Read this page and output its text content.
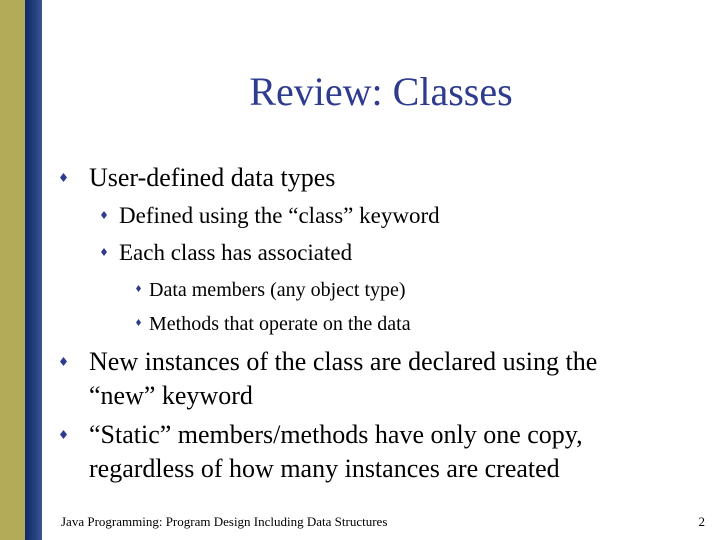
Review: Classes
User-defined data types
Defined using the “class” keyword
Each class has associated
Data members (any object type)
Methods that operate on the data
New instances of the class are declared using the
“new” keyword
“Static” members/methods have only one copy,
regardless of how many instances are created
Java Programming: Program Design Including Data Structures	2
